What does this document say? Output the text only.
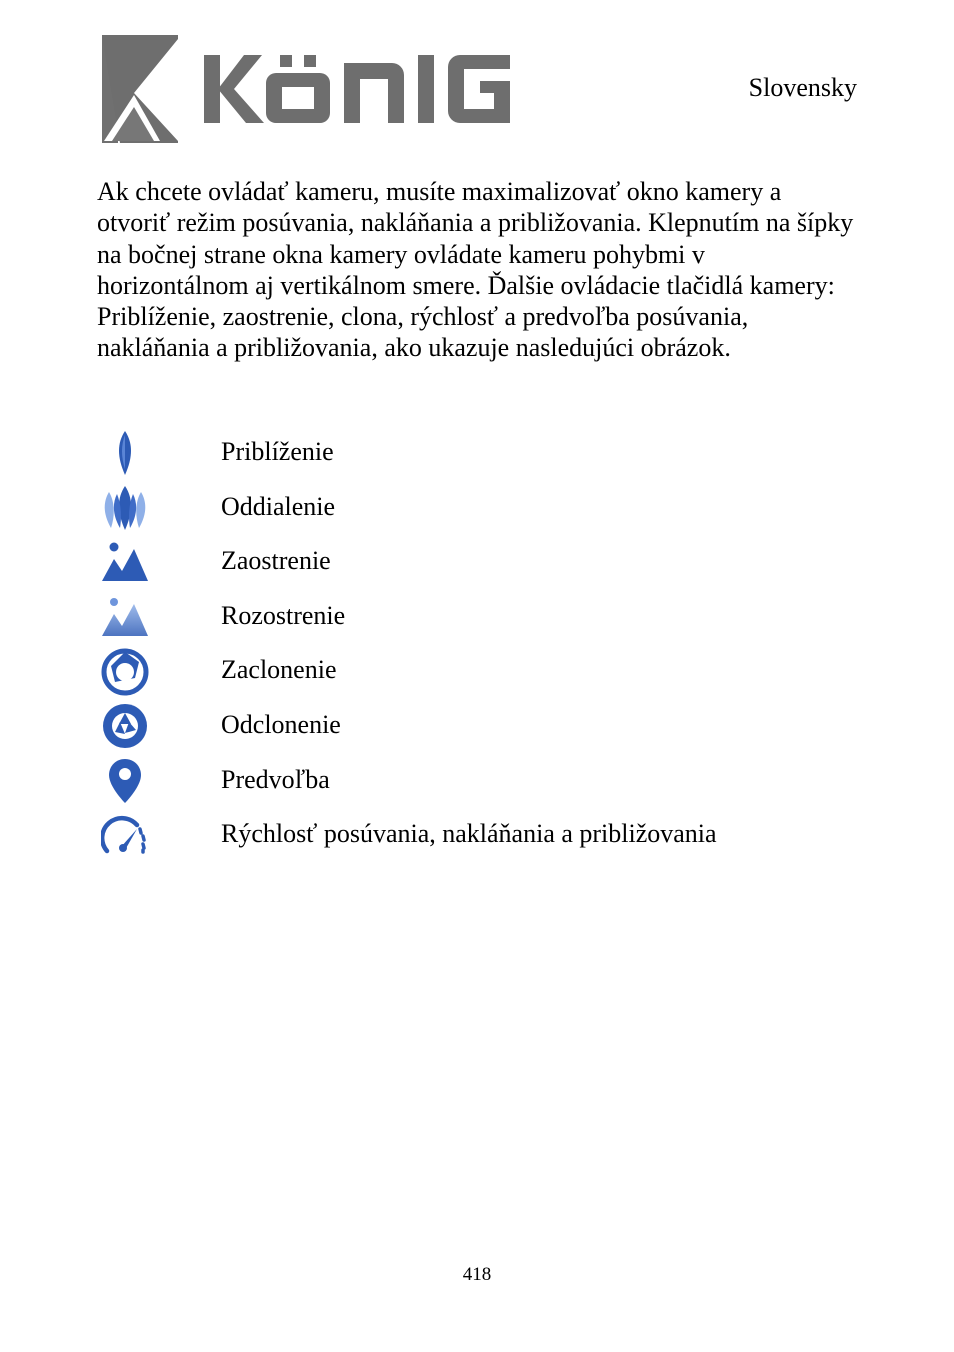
Slovensky

Ak chcete ovládať kameru, musíte maximalizovať okno kamery a otvoriť režim posúvania, nakláňania a približovania. Klepnutím na šípky na bočnej strane okna kamery ovládate kameru pohybmi v horizontálnom aj vertikálnom smere. Ďalšie ovládacie tlačidlá kamery: Priblíženie, zaostrenie, clona, rýchlosť a predvoľba posúvania, nakláňania a približovania, ako ukazuje nasledujúci obrázok.

Priblíženie
Oddialenie
Zaostrenie
Rozostrenie
Zaclonenie
Odclonenie
Predvoľba
Rýchlosť posúvania, nakláňania a približovania
418
